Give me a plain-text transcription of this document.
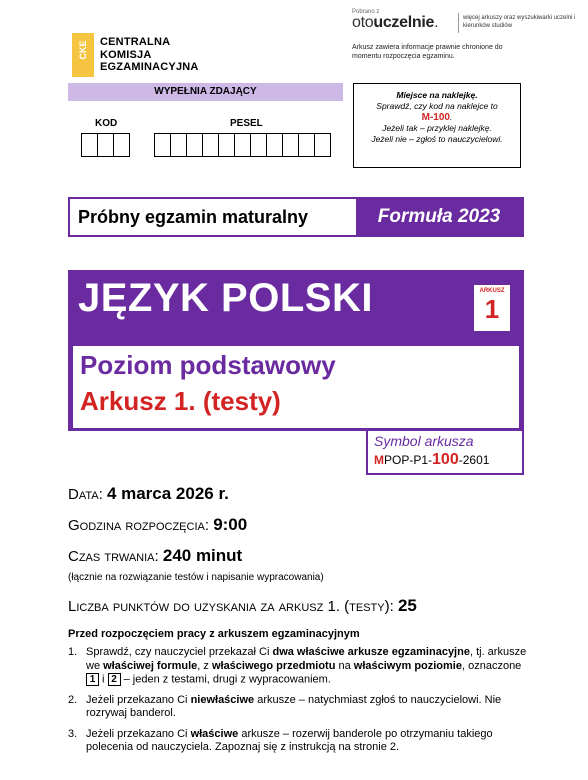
CKE CENTRALNA
KOMISJA
EGZAMINACYJNA
Pobrano z
otouczelnie.	więcej arkuszy oraz wyszukiwarki uczelni i kierunków studiów
Arkusz zawiera informacje prawnie chronione do momentu rozpoczęcia egzaminu.
WYPEŁNIA ZDAJĄCY
KOD	PESEL
Miejsce na naklejkę.
Sprawdź, czy kod na naklejce to
M-100.
Jeżeli tak – przyklej naklejkę.
Jeżeli nie – zgłoś to nauczycielowi.
Próbny egzamin maturalny	Formuła 2023
JĘZYK POLSKI	ARKUSZ
1
Poziom podstawowy
Arkusz 1. (testy)
Symbol arkusza
MPOP-P1-100-2601
Data: 4 marca 2026 r.
Godzina rozpoczęcia: 9:00
Czas trwania: 240 minut
(łącznie na rozwiązanie testów i napisanie wypracowania)
Liczba punktów do uzyskania za arkusz 1. (testy): 25
Przed rozpoczęciem pracy z arkuszem egzaminacyjnym
1. Sprawdź, czy nauczyciel przekazał Ci dwa właściwe arkusze egzaminacyjne, tj. arkusze we właściwej formule, z właściwego przedmiotu na właściwym poziomie, oznaczone 1 i 2 – jeden z testami, drugi z wypracowaniem.
2. Jeżeli przekazano Ci niewłaściwe arkusze – natychmiast zgłoś to nauczycielowi. Nie rozrywaj banderol.
3. Jeżeli przekazano Ci właściwe arkusze – rozerwij banderole po otrzymaniu takiego polecenia od nauczyciela. Zapoznaj się z instrukcją na stronie 2.
